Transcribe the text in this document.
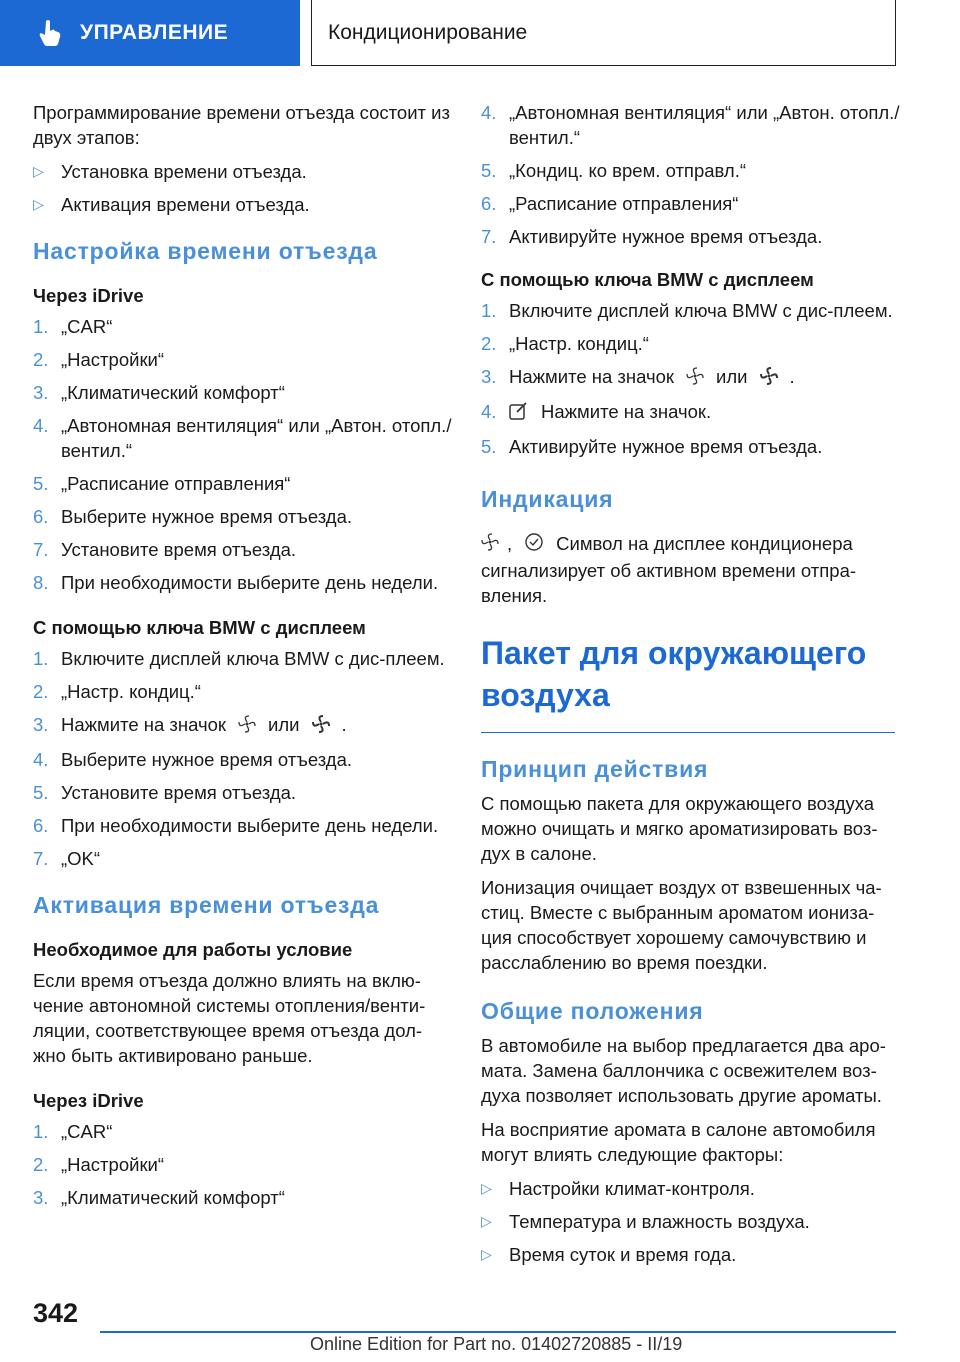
УПРАВЛЕНИЕ	Кондиционирование

Программирование времени отъезда состоит из двух этапов:

▷ Установка времени отъезда.
▷ Активация времени отъезда.
Настройка времени отъезда
Через iDrive
1. „CAR“
2. „Настройки“
3. „Климатический комфорт“
4. „Автономная вентиляция“ или „Автон. отопл./вентил.“
5. „Расписание отправления“
6. Выберите нужное время отъезда.
7. Установите время отъезда.
8. При необходимости выберите день недели.
С помощью ключа BMW с дисплеем
1. Включите дисплей ключа BMW с дис-плеем.
2. „Настр. кондиц.“
3. Нажмите на значок или .
4. Выберите нужное время отъезда.
5. Установите время отъезда.
6. При необходимости выберите день недели.
7. „OK“
Активация времени отъезда
Необходимое для работы условие

Если время отъезда должно влиять на вклю-чение автономной системы отопления/венти-ляции, соответствующее время отъезда дол-жно быть активировано раньше.

Через iDrive
1. „CAR“
2. „Настройки“
3. „Климатический комфорт“
4. „Автономная вентиляция“ или „Автон. отопл./вентил.“
5. „Кондиц. ко врем. отправл.“
6. „Расписание отправления“
7. Активируйте нужное время отъезда.
С помощью ключа BMW с дисплеем
1. Включите дисплей ключа BMW с дис-плеем.
2. „Настр. кондиц.“
3. Нажмите на значок или .
4.	Нажмите на значок.
5. Активируйте нужное время отъезда.
Индикация

, Символ на дисплее кондиционера сигнализирует об активном времени отпра-вления.

Пакет для окружающего воздуха
Принцип действия

С помощью пакета для окружающего воздуха можно очищать и мягко ароматизировать воз-дух в салоне.

Ионизация очищает воздух от взвешенных ча-стиц. Вместе с выбранным ароматом иониза-ция способствует хорошему самочувствию и расслаблению во время поездки.

Общие положения

В автомобиле на выбор предлагается два аро-мата. Замена баллончика с освежителем воз-духа позволяет использовать другие ароматы.

На восприятие аромата в салоне автомобиля могут влиять следующие факторы:

▷ Настройки климат-контроля.
▷ Температура и влажность воздуха.
▷ Время суток и время года.
342
Online Edition for Part no. 01402720885 - II/19
